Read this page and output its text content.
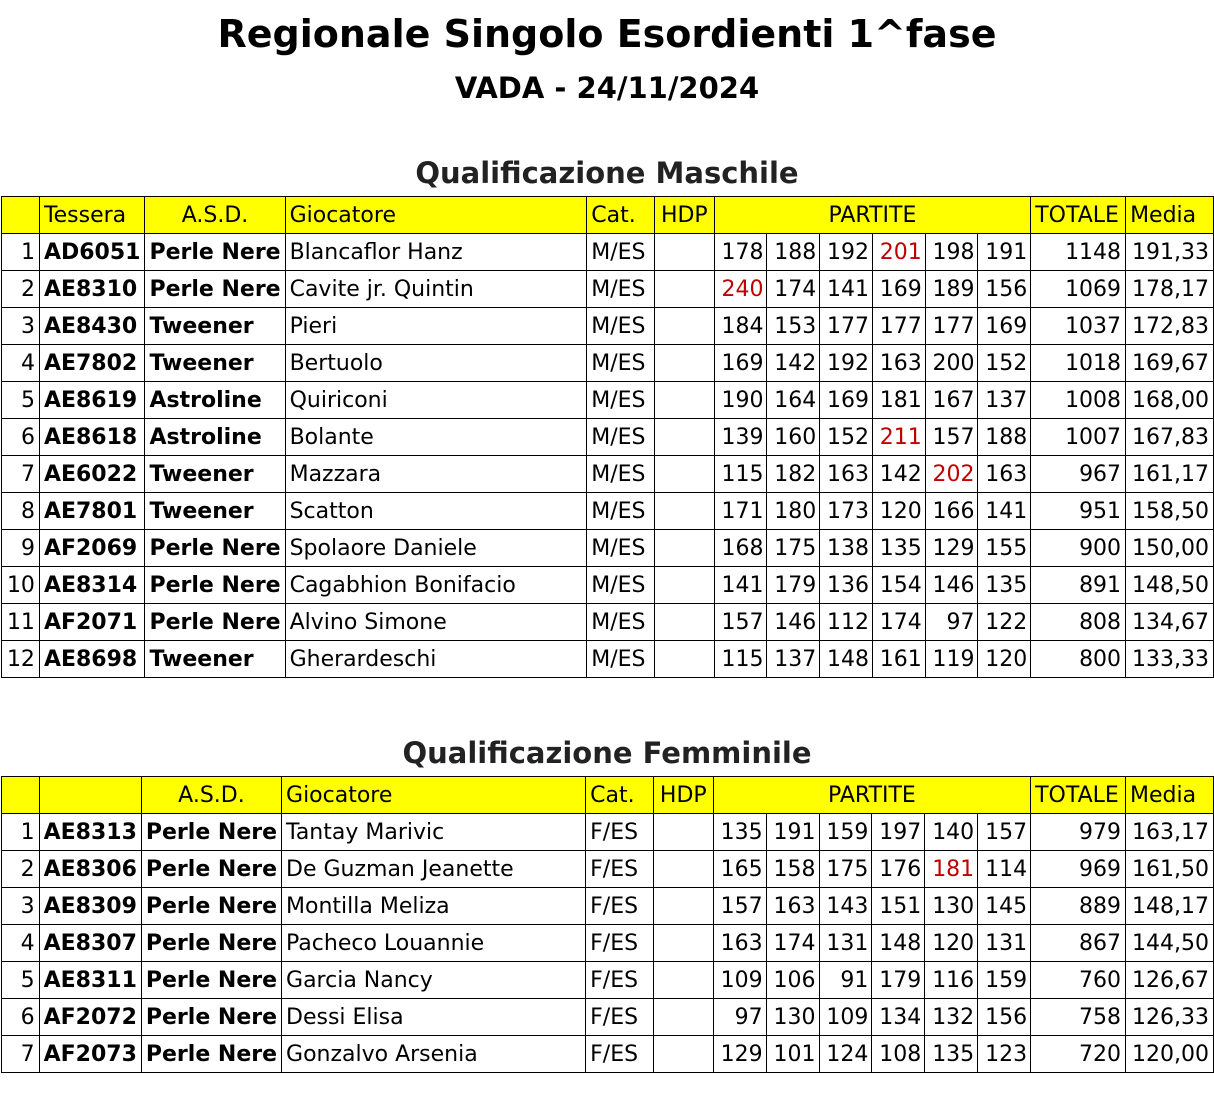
Regionale Singolo Esordienti 1^fase
VADA - 24/11/2024
Qualificazione Maschile
	Tessera	A.S.D.	Giocatore	Cat.	HDP	PARTITE						TOTALE	Media
1	AD6051	Perle Nere	Blancaflor Hanz	M/ES		178	188	192	201	198	191	1148	191,33
2	AE8310	Perle Nere	Cavite jr. Quintin	M/ES		240	174	141	169	189	156	1069	178,17
3	AE8430	Tweener	Pieri	M/ES		184	153	177	177	177	169	1037	172,83
4	AE7802	Tweener	Bertuolo	M/ES		169	142	192	163	200	152	1018	169,67
5	AE8619	Astroline	Quiriconi	M/ES		190	164	169	181	167	137	1008	168,00
6	AE8618	Astroline	Bolante	M/ES		139	160	152	211	157	188	1007	167,83
7	AE6022	Tweener	Mazzara	M/ES		115	182	163	142	202	163	967	161,17
8	AE7801	Tweener	Scatton	M/ES		171	180	173	120	166	141	951	158,50
9	AF2069	Perle Nere	Spolaore Daniele	M/ES		168	175	138	135	129	155	900	150,00
10	AE8314	Perle Nere	Cagabhion Bonifacio	M/ES		141	179	136	154	146	135	891	148,50
11	AF2071	Perle Nere	Alvino Simone	M/ES		157	146	112	174	97	122	808	134,67
12	AE8698	Tweener	Gherardeschi	M/ES		115	137	148	161	119	120	800	133,33
Qualificazione Femminile
		A.S.D.	Giocatore	Cat.	HDP	PARTITE						TOTALE	Media
1	AE8313	Perle Nere	Tantay Marivic	F/ES		135	191	159	197	140	157	979	163,17
2	AE8306	Perle Nere	De Guzman Jeanette	F/ES		165	158	175	176	181	114	969	161,50
3	AE8309	Perle Nere	Montilla Meliza	F/ES		157	163	143	151	130	145	889	148,17
4	AE8307	Perle Nere	Pacheco Louannie	F/ES		163	174	131	148	120	131	867	144,50
5	AE8311	Perle Nere	Garcia Nancy	F/ES		109	106	91	179	116	159	760	126,67
6	AF2072	Perle Nere	Dessi Elisa	F/ES		97	130	109	134	132	156	758	126,33
7	AF2073	Perle Nere	Gonzalvo Arsenia	F/ES		129	101	124	108	135	123	720	120,00
